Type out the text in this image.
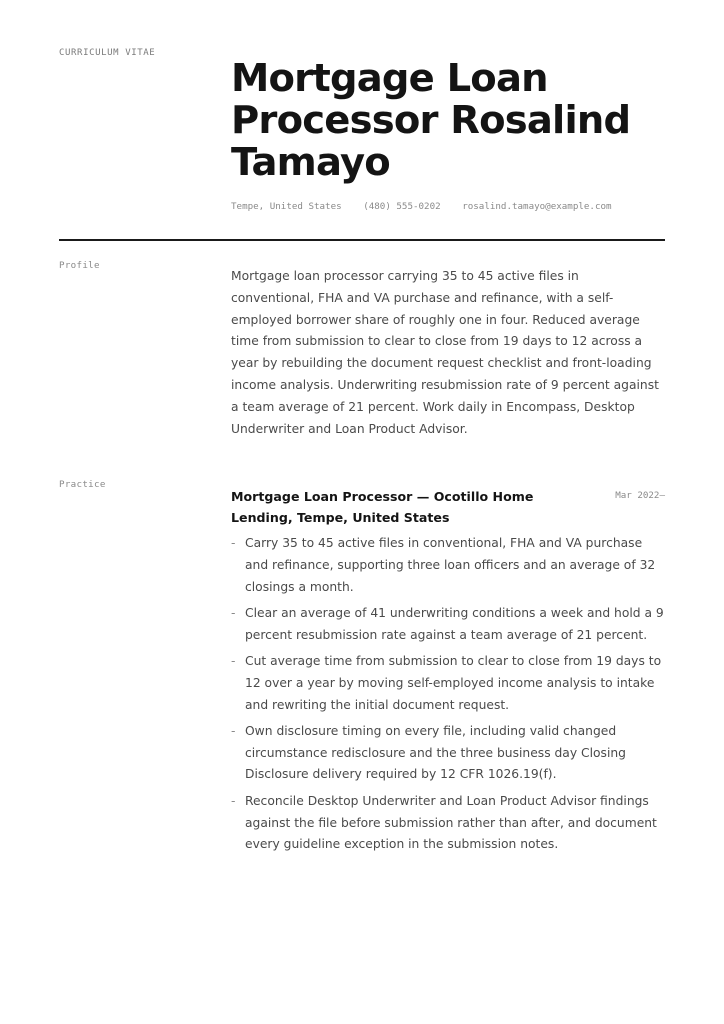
CURRICULUM VITAE
Mortgage Loan Processor Rosalind Tamayo
Tempe, United States (480) 555-0202 rosalind.tamayo@example.com
Profile

Mortgage loan processor carrying 35 to 45 active files in conventional, FHA and VA purchase and refinance, with a self-employed borrower share of roughly one in four. Reduced average time from submission to clear to close from 19 days to 12 across a year by rebuilding the document request checklist and front-loading income analysis. Underwriting resubmission rate of 9 percent against a team average of 21 percent. Work daily in Encompass, Desktop Underwriter and Loan Product Advisor.

Practice
Mortgage Loan Processor — Ocotillo Home Lending, Tempe, United States
Mar 2022–
- Carry 35 to 45 active files in conventional, FHA and VA purchase and refinance, supporting three loan officers and an average of 32 closings a month.
- Clear an average of 41 underwriting conditions a week and hold a 9 percent resubmission rate against a team average of 21 percent.
- Cut average time from submission to clear to close from 19 days to 12 over a year by moving self-employed income analysis to intake and rewriting the initial document request.
- Own disclosure timing on every file, including valid changed circumstance redisclosure and the three business day Closing Disclosure delivery required by 12 CFR 1026.19(f).
- Reconcile Desktop Underwriter and Loan Product Advisor findings against the file before submission rather than after, and document every guideline exception in the submission notes.
